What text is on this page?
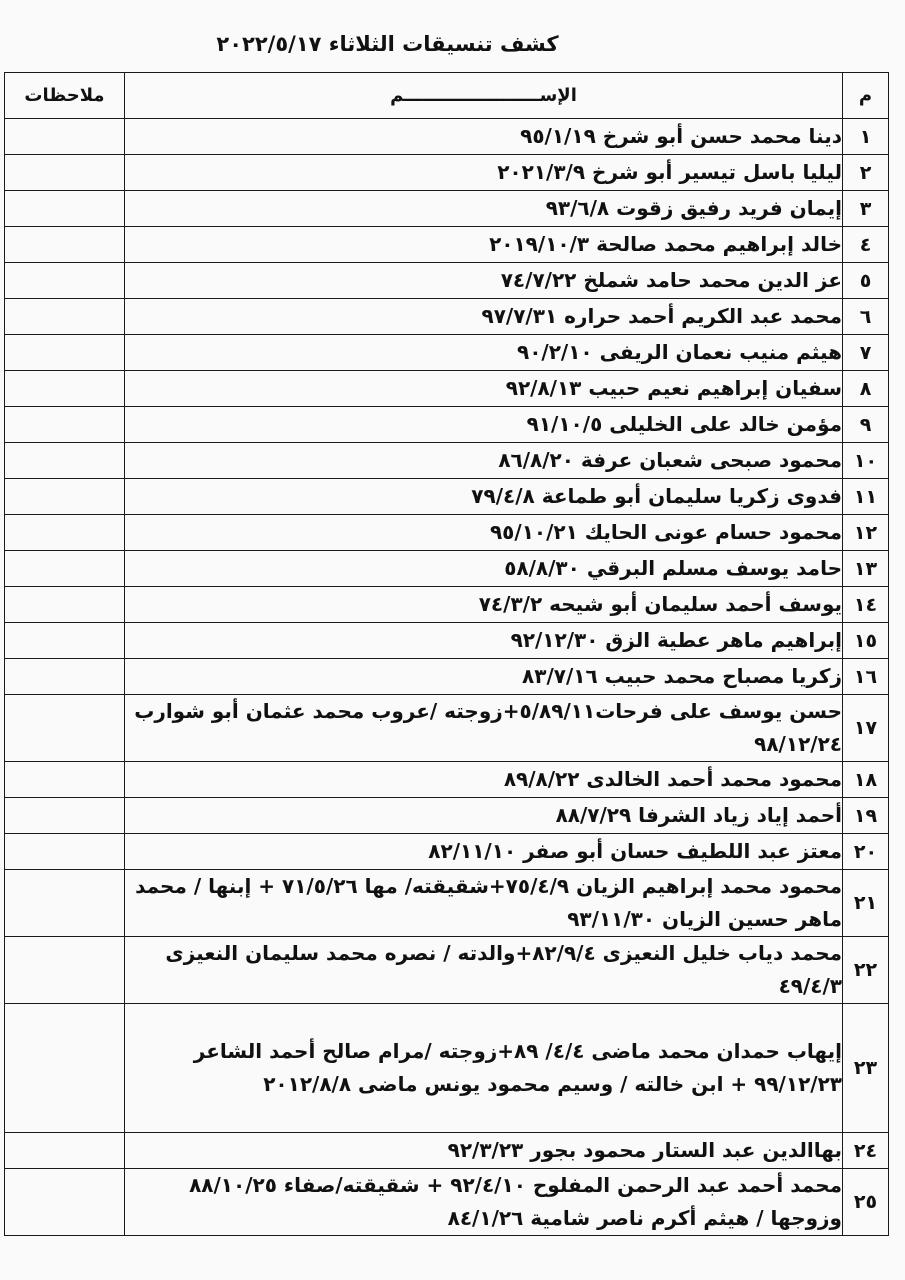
كشف تنسيقات الثلاثاء ٢٠٢٢/٥/١٧
م	الإســــــــــــــــــــــم	ملاحظات
١	دينا محمد حسن أبو شرخ ٩٥/١/١٩	
٢	ليليا باسل تيسير أبو شرخ ٢٠٢١/٣/٩	
٣	إيمان فريد رفيق زقوت ٩٣/٦/٨	
٤	خالد إبراهيم محمد صالحة ٢٠١٩/١٠/٣	
٥	عز الدين محمد حامد شملخ ٧٤/٧/٢٢	
٦	محمد عبد الكريم أحمد حراره ٩٧/٧/٣١	
٧	هيثم منيب نعمان الريفى ٩٠/٢/١٠	
٨	سفيان إبراهيم نعيم حبيب ٩٢/٨/١٣	
٩	مؤمن خالد على الخليلى ٩١/١٠/٥	
١٠	محمود صبحى شعبان عرفة ٨٦/٨/٢٠	
١١	فدوى زكريا سليمان أبو طماعة ٧٩/٤/٨	
١٢	محمود حسام عونى الحايك ٩٥/١٠/٢١	
١٣	حامد يوسف مسلم البرقي ٥٨/٨/٣٠	
١٤	يوسف أحمد سليمان أبو شيحه ٧٤/٣/٢	
١٥	إبراهيم ماهر عطية الزق ٩٢/١٢/٣٠	
١٦	زكريا مصباح محمد حبيب ٨٣/٧/١٦	
١٧	حسن يوسف على فرحات٥/٨٩/١١+زوجته /عروب محمد عثمان أبو شوارب ٩٨/١٢/٢٤	
١٨	محمود محمد أحمد الخالدى ٨٩/٨/٢٢	
١٩	أحمد إياد زياد الشرفا ٨٨/٧/٢٩	
٢٠	معتز عبد اللطيف حسان أبو صفر ٨٢/١١/١٠	
٢١	محمود محمد إبراهيم الزيان ٧٥/٤/٩+شقيقته/ مها ٧١/٥/٢٦ + إبنها / محمد ماهر حسين الزيان ٩٣/١١/٣٠	
٢٢	محمد دياب خليل النعيزى ٨٢/٩/٤+والدته / نصره محمد سليمان النعيزى ٤٩/٤/٣	
٢٣	إيهاب حمدان محمد ماضى ٤/٤/ ٨٩+زوجته /مرام صالح أحمد الشاعر ٩٩/١٢/٢٣ + ابن خالته / وسيم محمود يونس ماضى ٢٠١٢/٨/٨	
٢٤	بهاالدين عبد الستار محمود بجور ٩٢/٣/٢٣	
٢٥	محمد أحمد عبد الرحمن المفلوح ٩٢/٤/١٠ + شقيقته/صفاء ٨٨/١٠/٢٥ وزوجها / هيثم أكرم ناصر شامية ٨٤/١/٢٦	
